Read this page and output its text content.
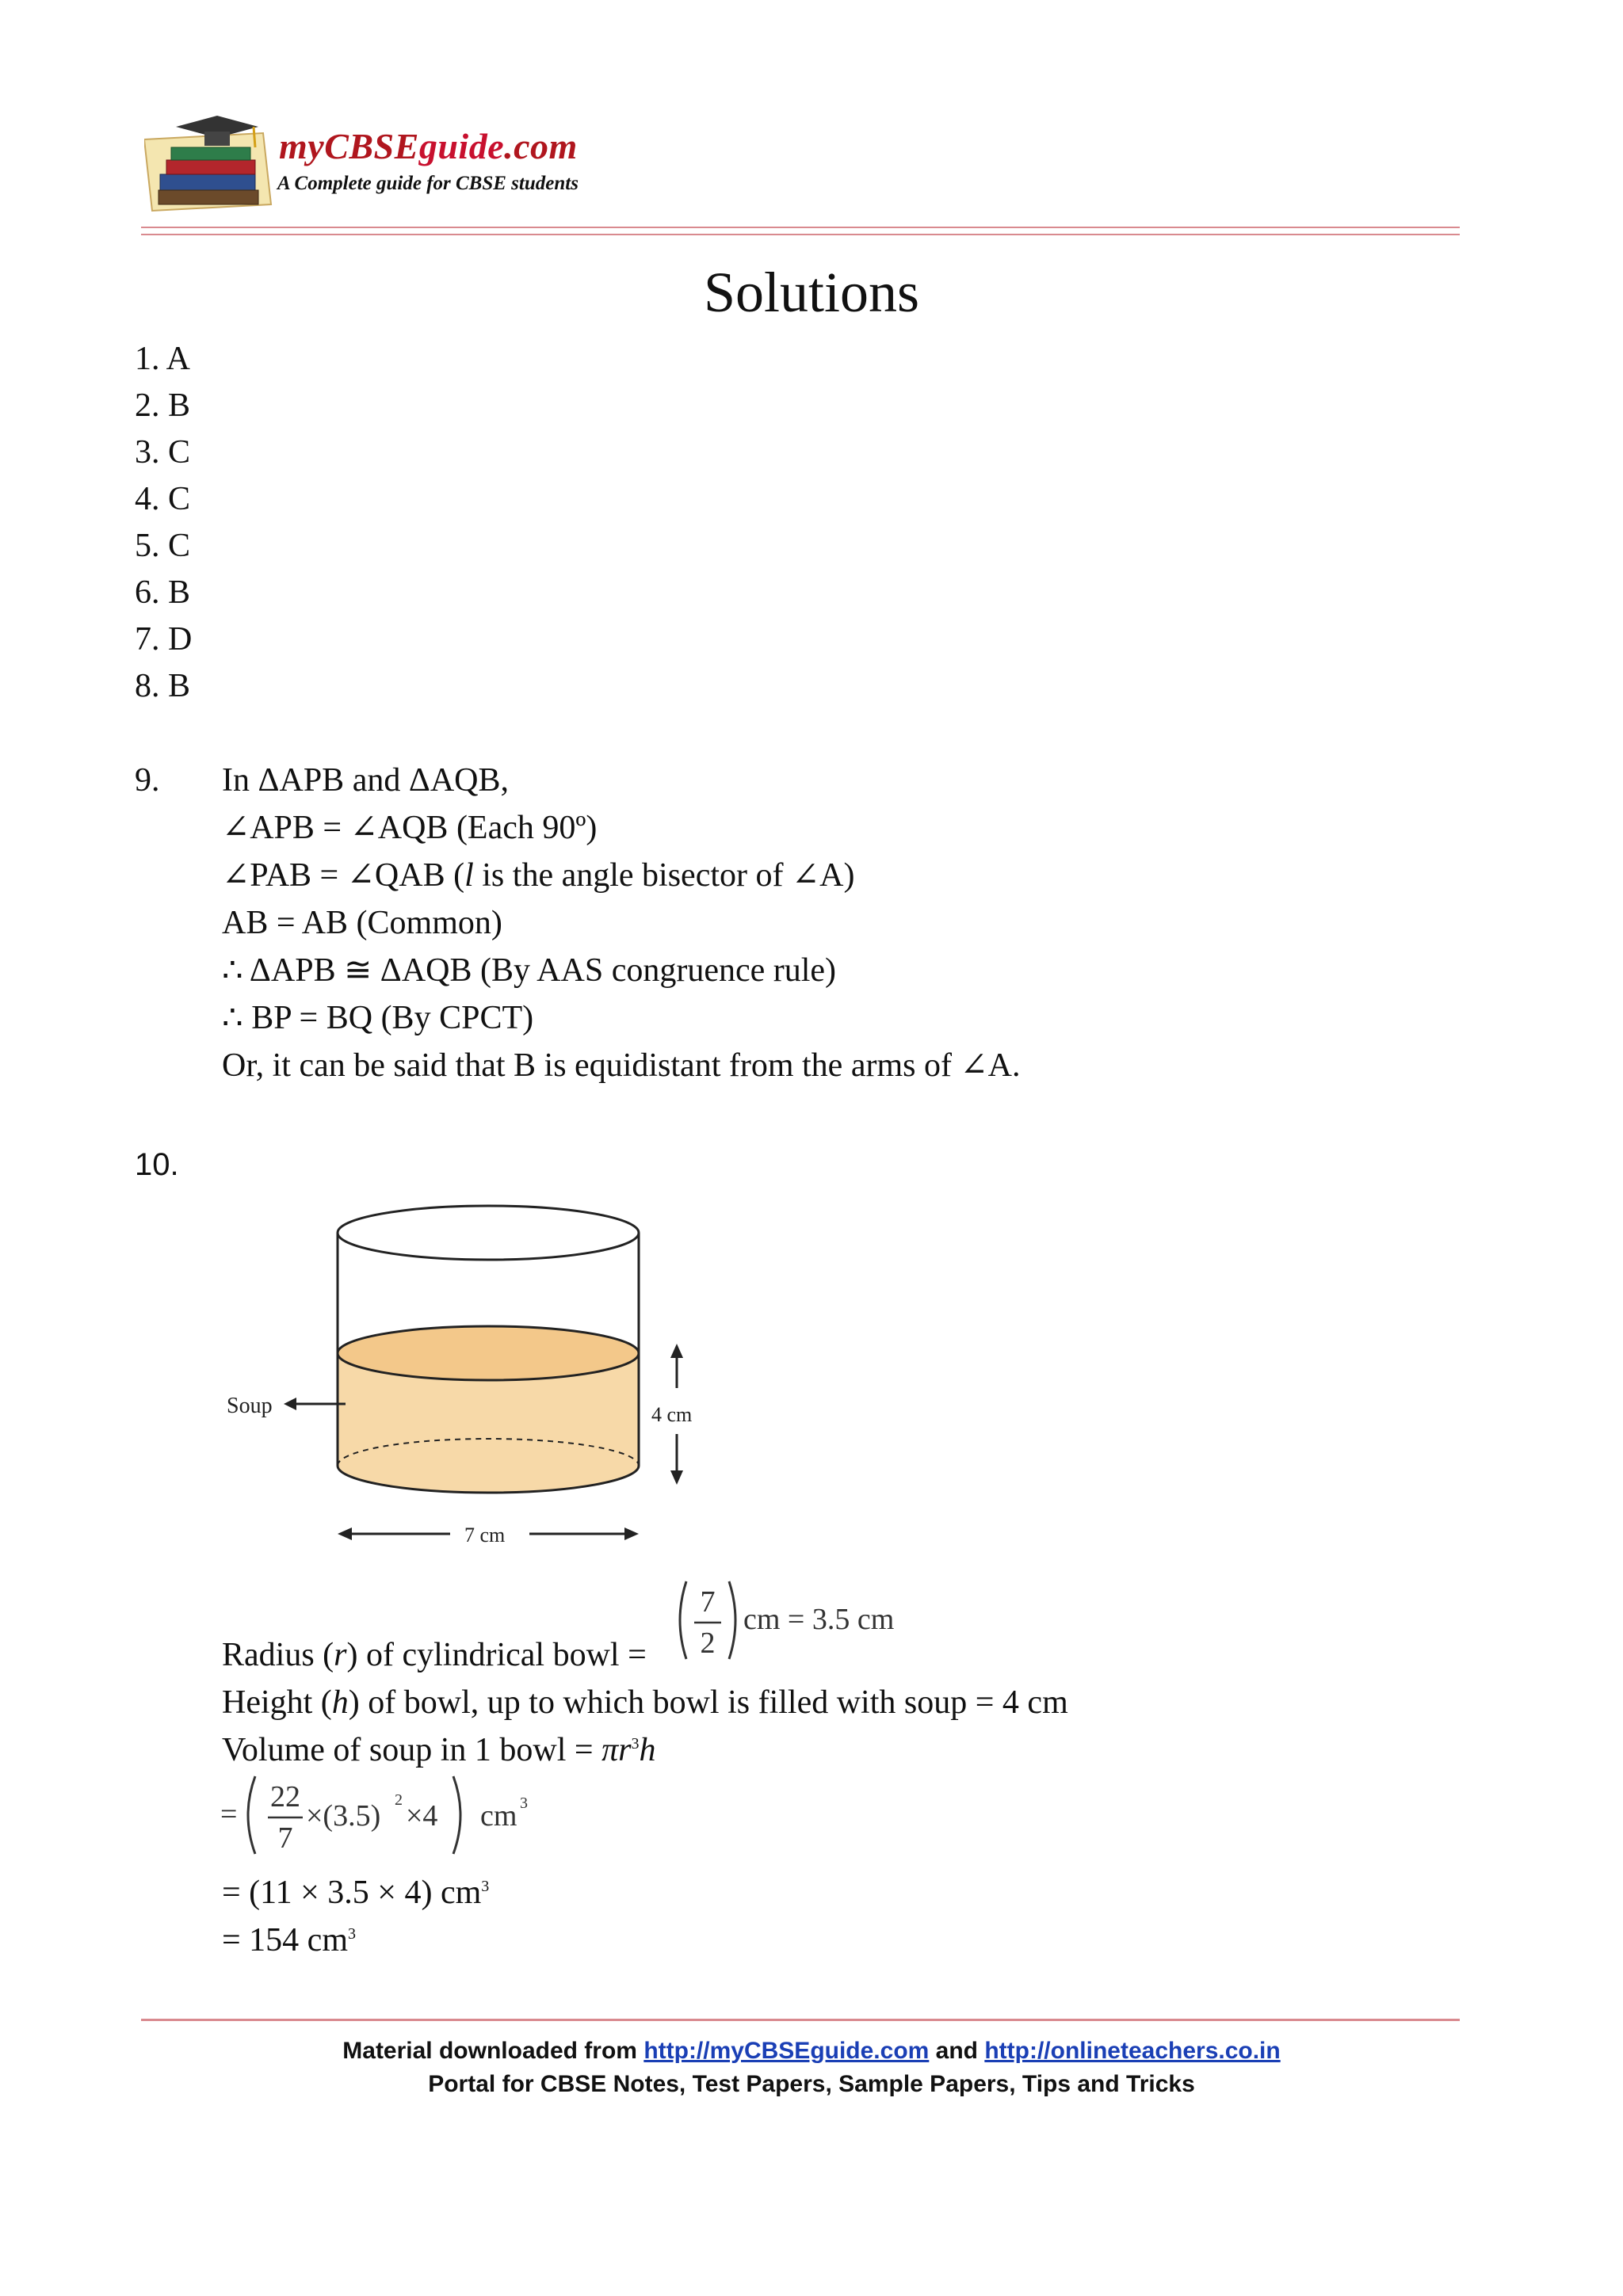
myCBSEguide.com
A Complete guide for CBSE students
Solutions
1. A
2. B
3. C
4. C
5. C
6. B
7. D
8. B
9. In ΔAPB and ΔAQB,
∠APB = ∠AQB (Each 90º)
∠PAB = ∠QAB (l is the angle bisector of ∠A)
AB = AB (Common)
∴ ΔAPB ≅ ΔAQB (By AAS congruence rule)
∴ BP = BQ (By CPCT)
Or, it can be said that B is equidistant from the arms of ∠A.
10.
Soup	4 cm
7 cm
Radius (r) of cylindrical bowl =
7
2
cm = 3.5 cm
Height (h) of bowl, up to which bowl is filled with soup = 4 cm
Volume of soup in 1 bowl = $\pi r^3h$
=
22
7
×(3.5) 2 ×4 cm 3
= (11 × 3.5 × 4) $cm^3$
= 154 $cm^3$
Material downloaded from http://myCBSEguide.com and http://onlineteachers.co.in
Portal for CBSE Notes, Test Papers, Sample Papers, Tips and Tricks
